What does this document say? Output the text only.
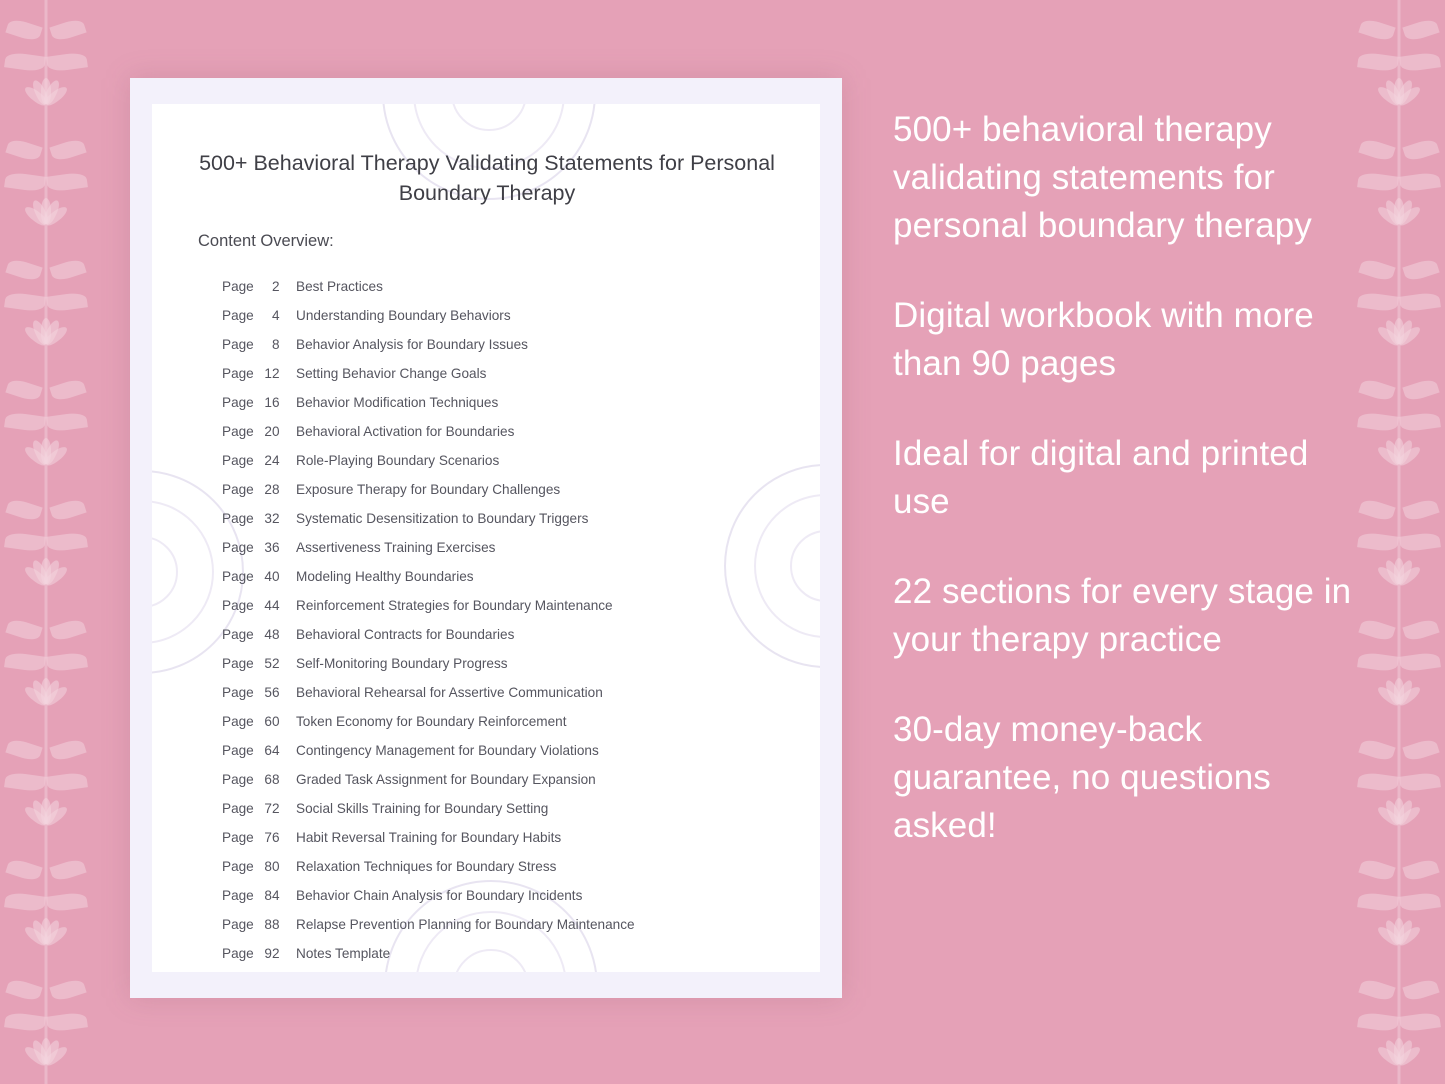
500+ Behavioral Therapy Validating Statements for Personal Boundary Therapy
Content Overview:
Page 2	Best Practices
Page 4	Understanding Boundary Behaviors
Page 8	Behavior Analysis for Boundary Issues
Page 12	Setting Behavior Change Goals
Page 16	Behavior Modification Techniques
Page 20	Behavioral Activation for Boundaries
Page 24	Role-Playing Boundary Scenarios
Page 28	Exposure Therapy for Boundary Challenges
Page 32	Systematic Desensitization to Boundary Triggers
Page 36	Assertiveness Training Exercises
Page 40	Modeling Healthy Boundaries
Page 44	Reinforcement Strategies for Boundary Maintenance
Page 48	Behavioral Contracts for Boundaries
Page 52	Self-Monitoring Boundary Progress
Page 56	Behavioral Rehearsal for Assertive Communication
Page 60	Token Economy for Boundary Reinforcement
Page 64	Contingency Management for Boundary Violations
Page 68	Graded Task Assignment for Boundary Expansion
Page 72	Social Skills Training for Boundary Setting
Page 76	Habit Reversal Training for Boundary Habits
Page 80	Relaxation Techniques for Boundary Stress
Page 84	Behavior Chain Analysis for Boundary Incidents
Page 88	Relapse Prevention Planning for Boundary Maintenance
Page 92	Notes Template
500+ behavioral therapy validating statements for personal boundary therapy
Digital workbook with more than 90 pages
Ideal for digital and printed use
22 sections for every stage in your therapy practice
30-day money-back guarantee, no questions asked!
